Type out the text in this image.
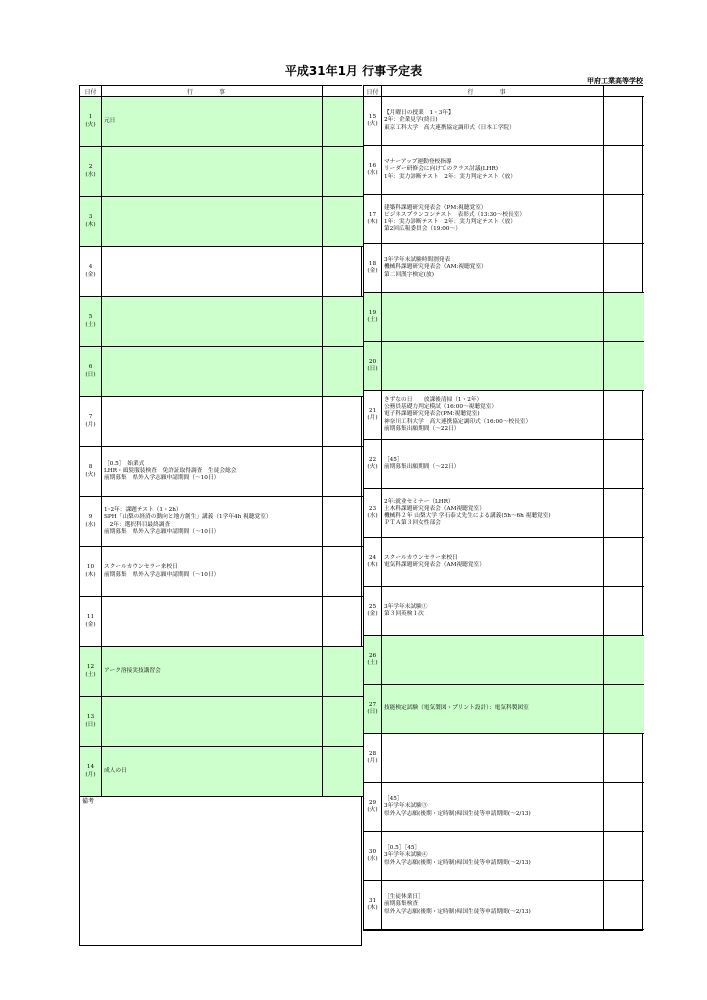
平成31年1月 行事予定表
甲府工業高等学校
日付	行 事
1
(火)
元日
2
(水)
3
(木)
4
(金)
5
(土)
6
(日)
7
(月)
8
(火)
［0.5］　始業式
LHR・頭髪服装検査　免許証取得調査　生徒会総会
前期募集　県外入学志願申請期間（～10日）
9
(水)
1･2年：課題テスト（1・2h）
SPH「山梨の経済の動向と地方創生」講義（1学年4h 視聴覚室）
　2年：選択科目最終調査
前期募集　県外入学志願申請期間（～10日）
10
(木)
スクールカウンセラー来校日
前期募集　県外入学志願申請期間（～10日）
11
(金)
12
(土)
アーク溶接実技講習会
13
(日)
14
(月)
成人の日
備考
日付	行 事
15
(火)
【月曜日の授業　1・3年】
2年：企業見学(終日)
東京工科大学　高大連携協定調印式（日本工学院）
16
(水)
マナーアップ運動登校指導
リーダー研修会に向けてのクラス討議(LHR)
1年：実力診断テスト　2年：実力判定テスト（放）
17
(木)
建築科課題研究発表会（PM:視聴覚室）
ビジネスプランコンテスト　表彰式（13:30～校長室）
1年：実力診断テスト　2年：実力判定テスト（放）
第2回広報委員会（19:00～）
18
(金)
3年学年末試験時間割発表
機械科課題研究発表会（AM:視聴覚室）
第二回漢字検定(放)
19
(土)
20
(日)
21
(月)
きずなの日　　放課後清掃（1・2年）
公務員基礎力判定模試（16:00～視聴覚室）
電子科課題研究発表会(PM:視聴覚室)
神奈川工科大学　高大連携協定調印式（16:00～校長室）
前期募集出願期間（～22日）
22
(火)
［45］
前期募集出願期間（～22日）
23
(水)
2年:就业セミナー（LHR）
土木科課題研究発表会（AM視聴覚室）
機械科２年 山梨大学 学石泰丈先生による講義(5h～6h 視聴覚室)
ＰＴＡ第３回女性部会
24
(木)
スクールカウンセラー来校日
電気科課題研究発表会（AM視聴覚室）
25
(金)
3年学年末試験①
第３回英検１次
26
(土)
27
(日)
技能検定試験（電気製図・プリント設計）：電気科製図室
28
(月)
29
(火)
［45］
3年学年末試験③
県外入学志願(後期・定時制)帰国生徒等申請期間(～2/13)
30
(水)
［0.5］［45］
3年学年末試験④
県外入学志願(後期・定時制)帰国生徒等申請期間(～2/13)
31
(木)
［生徒休業日］
前期募集検査
県外入学志願(後期・定時制)帰国生徒等申請期間(～2/13)
